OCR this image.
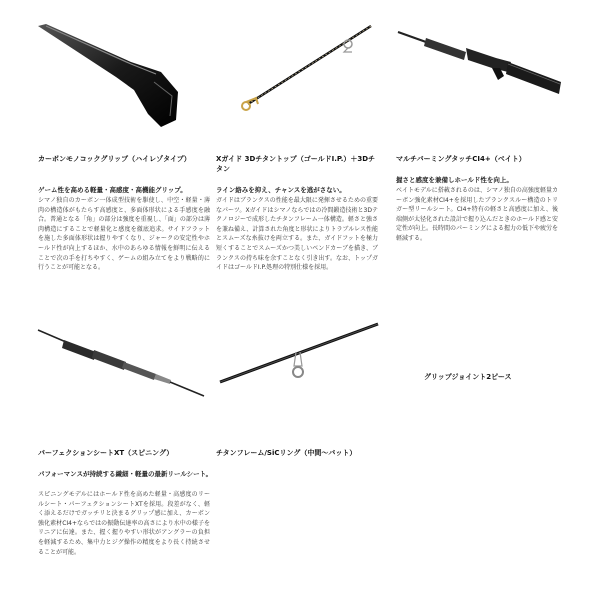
カーボンモノコックグリップ（ハイレゾタイプ）
ゲーム性を高める軽量・高感度・高機能グリップ。
シマノ独自のカーボン一体成型技術を駆使し、中空・軽量・薄肉の構造体がもたらす高感度と、多面体形状による手感度を融合。普通となる「角」の部分は強度を重視し、「面」の部分は薄肉構造にすることで軽量化と感度を徹底追求。サイドフラットを施した多面体形状は握りやすくなり、ジャークの安定性やホールド性が向上するほか、水中のあらゆる情報を鮮明に伝えることで次の手を打ちやすく、ゲームの組み立てをより戦略的に行うことが可能となる。
Xガイド 3Dチタントップ（ゴールドI.P.）＋3Dチタン
ライン絡みを抑え、チャンスを逃がさない。
ガイドはブランクスの性能を最大限に発揮させるための重要なパーツ。Xガイドはシマノならではの冷間鍛造技術と3Dテクノロジーで成形したチタンフレーム一体構造。軽さと強さを兼ね備え、計算された角度と形状によりトラブルレス性能とスムーズな糸抜けを両立する。また、ガイドフットを極力短くすることでスムーズかつ美しいベンドカーブを描き、ブランクスの持ち味を余すことなく引き出す。なお、トップガイドはゴールドI.P.処理の特別仕様を採用。
マルチバーミングタッチCI4+（ベイト）
握さと感度を兼備しホールド性を向上。
ベイトモデルに搭載されるのは、シマノ独自の高強度軽量カーボン強化素材CI4+を採用したブランクスルー構造のトリガー型リールシート。CI4+特有の軽さと高感度に加え、後端側が太径化された設計で握り込んだときのホールド感と安定性が向上。長時間のパーミングによる握力の低下や疲労を軽減する。
パーフェクションシートXT（スピニング）
パフォーマンスが持続する繊細・軽量の最新リールシート。
スピニングモデルにはホールド性を高めた軽量・高感度のリールシート・パーフェクションシートXTを採用。段差がなく、軽く添えるだけでガッチリと決まるグリップ感に加え、カーボン強化素材CI4+ならではの振動伝達率の高さにより水中の様子をリニアに伝達。また、握く握りやすい形状がアングラーの負担を軽減するため、集中力とジグ操作の精度をより長く持続させることが可能。
チタンフレーム/SiCリング（中間〜バット）
グリップジョイント2ピース
